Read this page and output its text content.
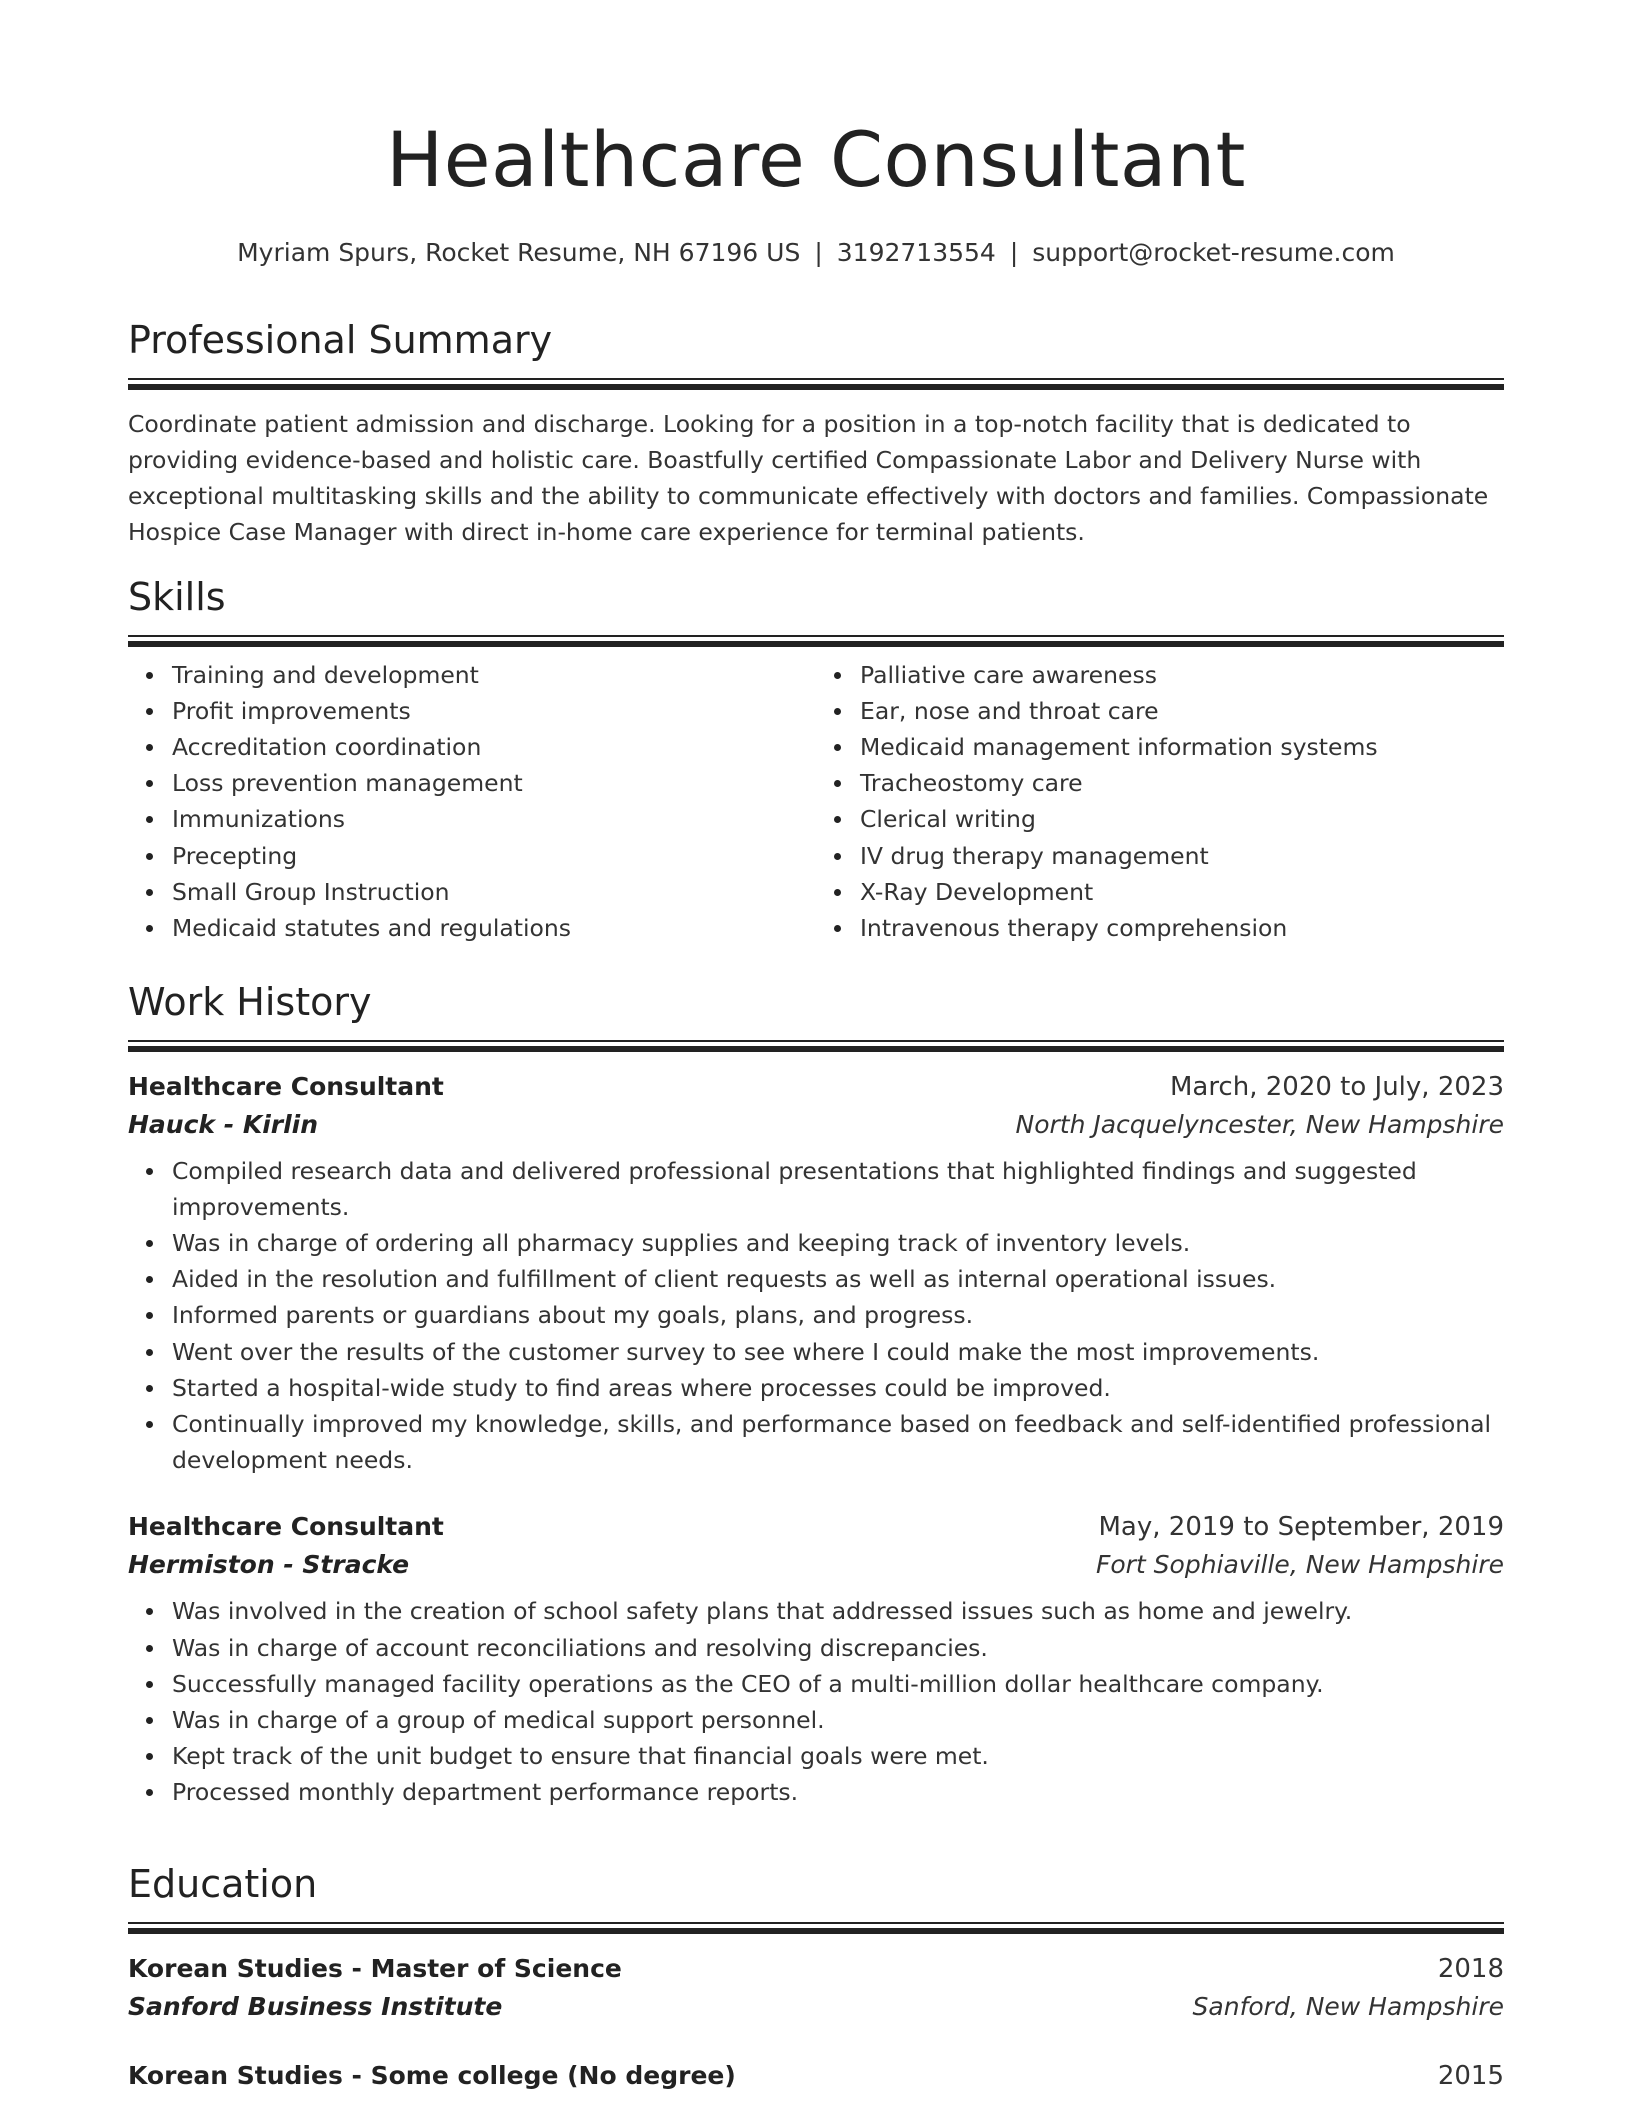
Healthcare Consultant

Myriam Spurs, Rocket Resume, NH 67196 US | 3192713554 | support@rocket-resume.com

Professional Summary

Coordinate patient admission and discharge. Looking for a position in a top-notch facility that is dedicated to providing evidence-based and holistic care. Boastfully certified Compassionate Labor and Delivery Nurse with exceptional multitasking skills and the ability to communicate effectively with doctors and families. Compassionate Hospice Case Manager with direct in-home care experience for terminal patients.

Skills
Training and development
Profit improvements
Accreditation coordination
Loss prevention management
Immunizations
Precepting
Small Group Instruction
Medicaid statutes and regulations
Palliative care awareness
Ear, nose and throat care
Medicaid management information systems
Tracheostomy care
Clerical writing
IV drug therapy management
X-Ray Development
Intravenous therapy comprehension
Work History
Healthcare Consultant	March, 2020 to July, 2023
Hauck - Kirlin	North Jacquelyncester, New Hampshire
Compiled research data and delivered professional presentations that highlighted findings and suggested improvements.
Was in charge of ordering all pharmacy supplies and keeping track of inventory levels.
Aided in the resolution and fulfillment of client requests as well as internal operational issues.
Informed parents or guardians about my goals, plans, and progress.
Went over the results of the customer survey to see where I could make the most improvements.
Started a hospital-wide study to find areas where processes could be improved.
Continually improved my knowledge, skills, and performance based on feedback and self-identified professional development needs.
Healthcare Consultant	May, 2019 to September, 2019
Hermiston - Stracke	Fort Sophiaville, New Hampshire
Was involved in the creation of school safety plans that addressed issues such as home and jewelry.
Was in charge of account reconciliations and resolving discrepancies.
Successfully managed facility operations as the CEO of a multi-million dollar healthcare company.
Was in charge of a group of medical support personnel.
Kept track of the unit budget to ensure that financial goals were met.
Processed monthly department performance reports.
Education
Korean Studies - Master of Science	2018
Sanford Business Institute	Sanford, New Hampshire
Korean Studies - Some college (No degree)	2015
